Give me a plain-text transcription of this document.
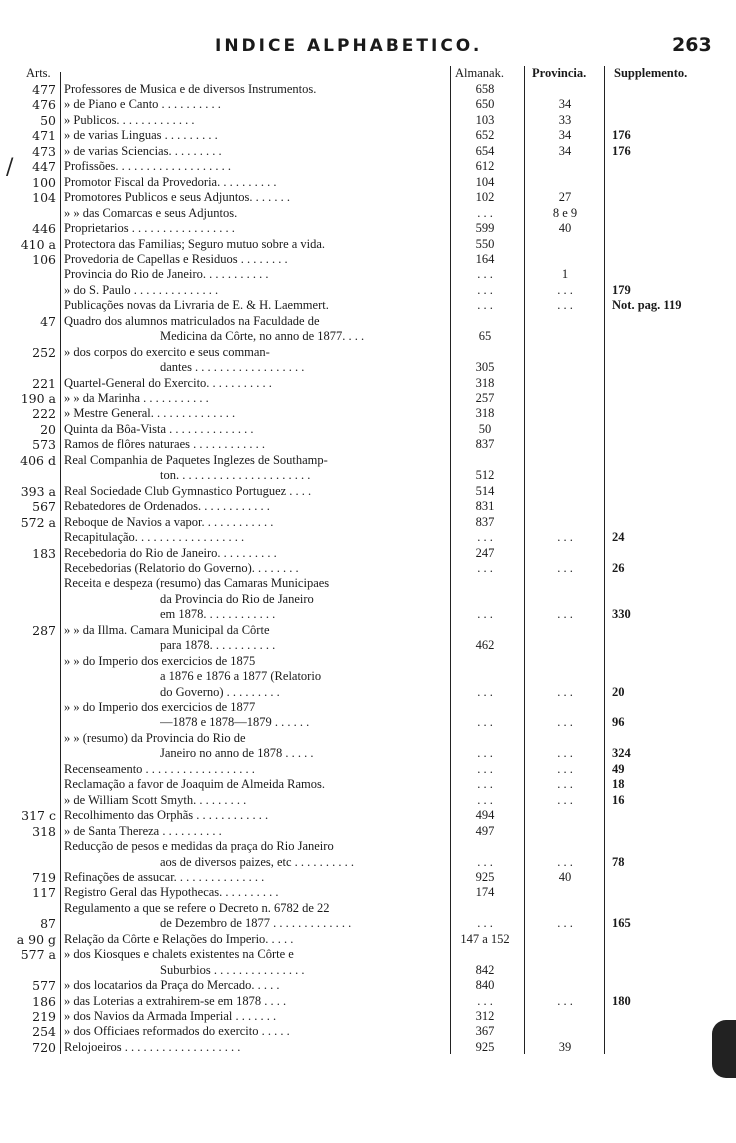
INDICE ALPHABETICO.	263
Arts.	Almanak. Provincia. Supplemento.
/
477 Professores de Musica e de diversos Instrumentos.	658
476 » de Piano e Canto . . . . . . . . . .	650	34
50 » Publicos. . . . . . . . . . . . .	103	33
471 » de varias Linguas . . . . . . . . .	652	34	176
473 » de varias Sciencias. . . . . . . . .	654	34	176
447 Profissões. . . . . . . . . . . . . . . . . . .	612
100 Promotor Fiscal da Provedoria. . . . . . . . . .	104
104 Promotores Publicos e seus Adjuntos. . . . . . .	102	27
» » das Comarcas e seus Adjuntos.	. . .	8 e 9
446 Proprietarios . . . . . . . . . . . . . . . . .	599	40
410 a Protectora das Familias; Seguro mutuo sobre a vida.	550
106 Provedoria de Capellas e Residuos . . . . . . . .	164
Provincia do Rio de Janeiro. . . . . . . . . . .	. . .	1
» do S. Paulo . . . . . . . . . . . . . .	. . .	. . .	179
Publicações novas da Livraria de E. & H. Laemmert.	. . .	. . .	Not. pag. 119
47 Quadro dos alumnos matriculados na Faculdade de
Medicina da Côrte, no anno de 1877. . . .	65
252 » dos corpos do exercito e seus comman-
dantes . . . . . . . . . . . . . . . . . .	305
221 Quartel-General do Exercito. . . . . . . . . . .	318
190 a » » da Marinha . . . . . . . . . . .	257
222 » Mestre General. . . . . . . . . . . . . .	318
20 Quinta da Bôa-Vista . . . . . . . . . . . . . .	50
573 Ramos de flôres naturaes . . . . . . . . . . . .	837
406 d Real Companhia de Paquetes Inglezes de Southamp-
ton. . . . . . . . . . . . . . . . . . . . . .	512
393 a Real Sociedade Club Gymnastico Portuguez . . . .	514
567 Rebatedores de Ordenados. . . . . . . . . . . .	831
572 a Reboque de Navios a vapor. . . . . . . . . . . .	837
Recapitulação. . . . . . . . . . . . . . . . . .	. . .	. . .	24
183 Recebedoria do Rio de Janeiro. . . . . . . . . .	247
Recebedorias (Relatorio do Governo). . . . . . . .	. . .	. . .	26
Receita e despeza (resumo) das Camaras Municipaes
da Provincia do Rio de Janeiro
em 1878. . . . . . . . . . . .	. . .	. . .	330
287 » » da Illma. Camara Municipal da Côrte
para 1878. . . . . . . . . . .	462
» » do Imperio dos exercicios de 1875
a 1876 e 1876 a 1877 (Relatorio
do Governo) . . . . . . . . .	. . .	. . .	20
» » do Imperio dos exercicios de 1877
—1878 e 1878—1879 . . . . . .	. . .	. . .	96
» » (resumo) da Provincia do Rio de
Janeiro no anno de 1878 . . . . .	. . .	. . .	324
Recenseamento . . . . . . . . . . . . . . . . . .	. . .	. . .	49
Reclamação a favor de Joaquim de Almeida Ramos.	. . .	. . .	18
» de William Scott Smyth. . . . . . . . .	. . .	. . .	16
317 c Recolhimento das Orphãs . . . . . . . . . . . .	494
318 » de Santa Thereza . . . . . . . . . .	497
Reducção de pesos e medidas da praça do Rio Janeiro
aos de diversos paizes, etc . . . . . . . . . .	. . .	. . .	78
719 Refinações de assucar. . . . . . . . . . . . . . .	925	40
117 Registro Geral das Hypothecas. . . . . . . . . .	174
Regulamento a que se refere o Decreto n. 6782 de 22
87	de Dezembro de 1877 . . . . . . . . . . . . .	. . .	. . .	165
a 90 g Relação da Côrte e Relações do Imperio. . . . .	147 a 152
577 a » dos Kiosques e chalets existentes na Côrte e
Suburbios . . . . . . . . . . . . . . .	842
577 » dos locatarios da Praça do Mercado. . . . .	840
186 » das Loterias a extrahirem-se em 1878 . . . .	. . .	. . .	180
219 » dos Navios da Armada Imperial . . . . . . .	312
254 » dos Officiaes reformados do exercito . . . . .	367
720 Relojoeiros . . . . . . . . . . . . . . . . . . .	925	39
